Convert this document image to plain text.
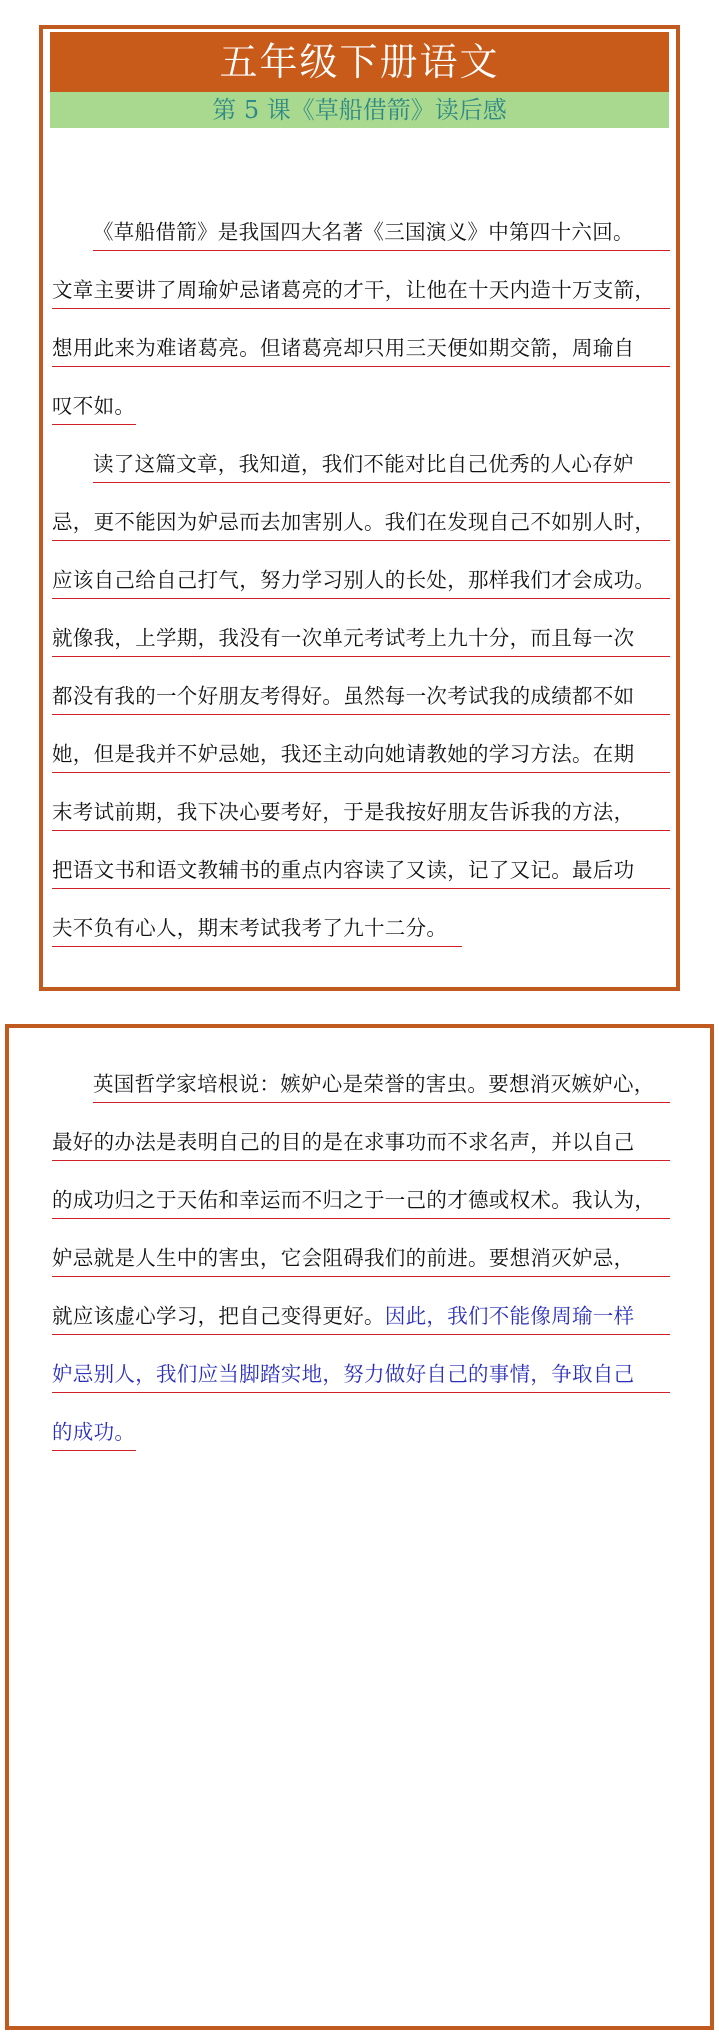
五年级下册语文
第 5 课《草船借箭》读后感
《草船借箭》是我国四大名著《三国演义》中第四十六回。
文章主要讲了周瑜妒忌诸葛亮的才干，让他在十天内造十万支箭，
想用此来为难诸葛亮。但诸葛亮却只用三天便如期交箭，周瑜自
叹不如。
读了这篇文章，我知道，我们不能对比自己优秀的人心存妒
忌，更不能因为妒忌而去加害别人。我们在发现自己不如别人时，
应该自己给自己打气，努力学习别人的长处，那样我们才会成功。
就像我，上学期，我没有一次单元考试考上九十分，而且每一次
都没有我的一个好朋友考得好。虽然每一次考试我的成绩都不如
她，但是我并不妒忌她，我还主动向她请教她的学习方法。在期
末考试前期，我下决心要考好，于是我按好朋友告诉我的方法，
把语文书和语文教辅书的重点内容读了又读，记了又记。最后功
夫不负有心人，期末考试我考了九十二分。
英国哲学家培根说：嫉妒心是荣誉的害虫。要想消灭嫉妒心，
最好的办法是表明自己的目的是在求事功而不求名声，并以自己
的成功归之于天佑和幸运而不归之于一己的才德或权术。我认为，
妒忌就是人生中的害虫，它会阻碍我们的前进。要想消灭妒忌，
就应该虚心学习，把自己变得更好。因此，我们不能像周瑜一样
妒忌别人，我们应当脚踏实地，努力做好自己的事情，争取自己
的成功。
